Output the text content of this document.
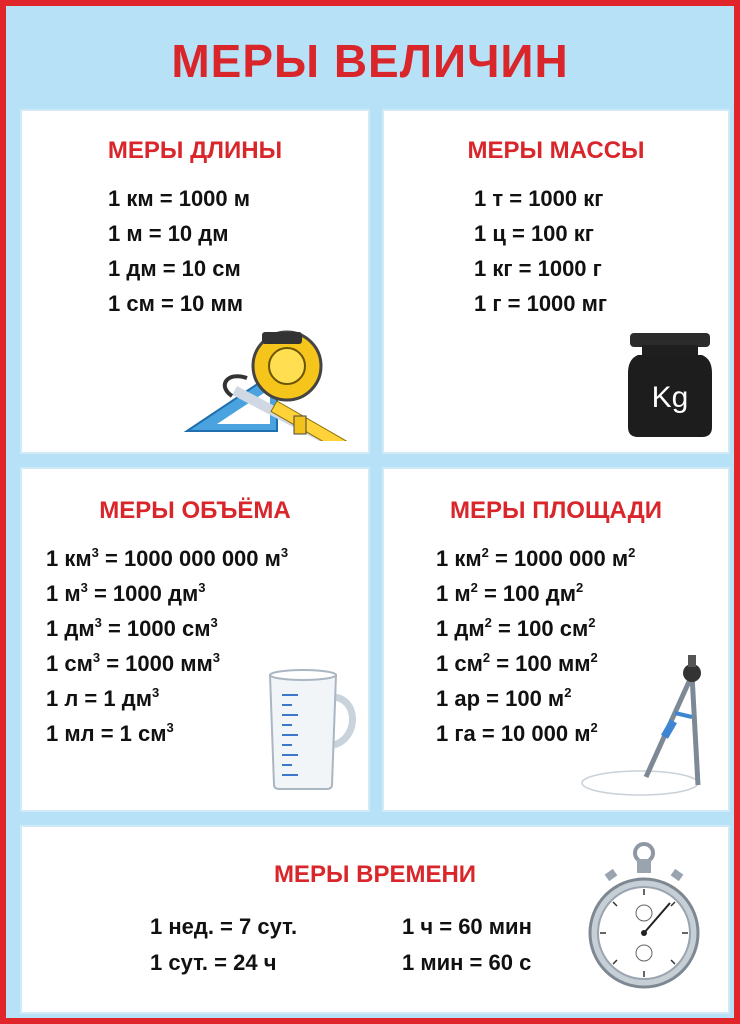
МЕРЫ ВЕЛИЧИН
МЕРЫ ДЛИНЫ
1 км = 1000 м
1 м = 10 дм
1 дм = 10 см
1 см = 10 мм
МЕРЫ МАССЫ
1 т = 1000 кг
1 ц = 100 кг
1 кг = 1000 г
1 г = 1000 мг
Kg
МЕРЫ ОБЪЁМА
1 $км^3 = 1000$ 000 000 $м^3$
1 $м^3 = 1000$ $дм^3$
1 $дм^3 = 1000$ $см^3$
1 $см^3 = 1000$ $мм^3$
1 л = 1 $дм^3$
1 мл = 1 $см^3$
МЕРЫ ПЛОЩАДИ
1 $км^2 = 1000$ 000 $м^2$
1 $м^2 = 100$ $дм^2$
1 $дм^2 = 100$ $см^2$
1 $см^2 = 100$ $мм^2$
1 ар = 100 $м^2$
1 га = 10 000 $м^2$
МЕРЫ ВРЕМЕНИ
1 нед. = 7 сут.
1 сут. = 24 ч
1 ч = 60 мин
1 мин = 60 с
